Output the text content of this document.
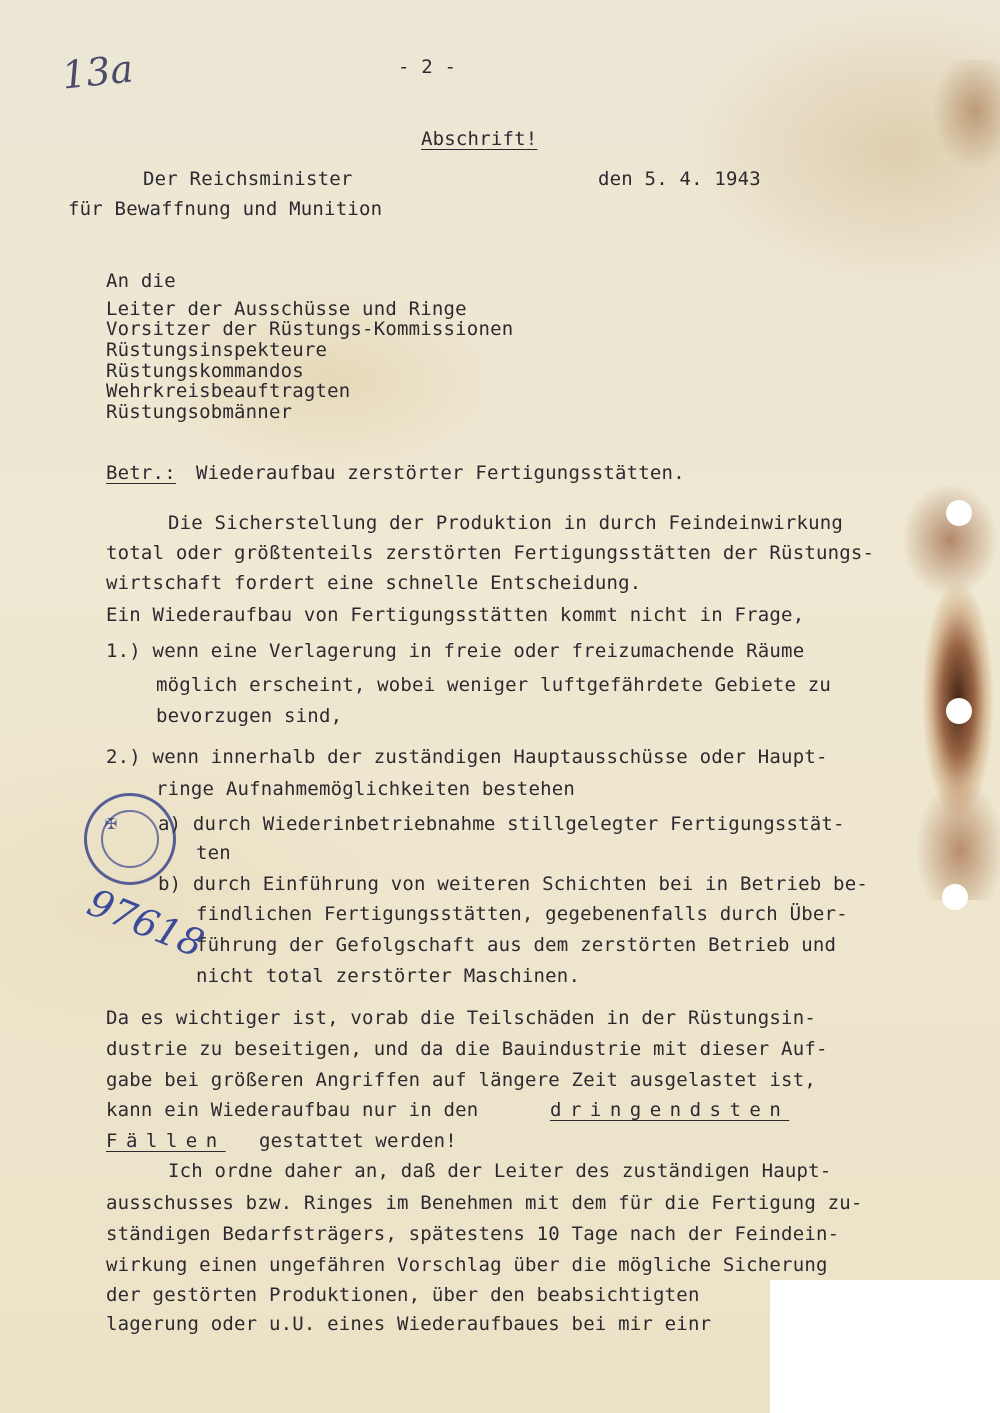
13a
✠
97618
- 2 -
Abschrift!
Der Reichsminister
für Bewaffnung und Munition
den 5. 4. 1943
An die
Leiter der Ausschüsse und Ringe
Vorsitzer der Rüstungs-Kommissionen
Rüstungsinspekteure
Rüstungskommandos
Wehrkreisbeauftragten
Rüstungsobmänner
Betr.: Wiederaufbau zerstörter Fertigungsstätten.
Die Sicherstellung der Produktion in durch Feindeinwirkung
total oder größtenteils zerstörten Fertigungsstätten der Rüstungs-
wirtschaft fordert eine schnelle Entscheidung.
Ein Wiederaufbau von Fertigungsstätten kommt nicht in Frage,
1.) wenn eine Verlagerung in freie oder freizumachende Räume
möglich erscheint, wobei weniger luftgefährdete Gebiete zu
bevorzugen sind,
2.) wenn innerhalb der zuständigen Hauptausschüsse oder Haupt-
ringe Aufnahmemöglichkeiten bestehen
a) durch Wiederinbetriebnahme stillgelegter Fertigungsstät-
ten
b) durch Einführung von weiteren Schichten bei in Betrieb be-
findlichen Fertigungsstätten, gegebenenfalls durch Über-
führung der Gefolgschaft aus dem zerstörten Betrieb und
nicht total zerstörter Maschinen.
Da es wichtiger ist, vorab die Teilschäden in der Rüstungsin-
dustrie zu beseitigen, und da die Bauindustrie mit dieser Auf-
gabe bei größeren Angriffen auf längere Zeit ausgelastet ist,
kann ein Wiederaufbau nur in den	dringendsten
Fällen gestattet werden!
Ich ordne daher an, daß der Leiter des zuständigen Haupt-
ausschusses bzw. Ringes im Benehmen mit dem für die Fertigung zu-
ständigen Bedarfsträgers, spätestens 10 Tage nach der Feindein-
wirkung einen ungefähren Vorschlag über die mögliche Sicherung
der gestörten Produktionen, über den beabsichtigten
lagerung oder u.U. eines Wiederaufbaues bei mir einr
